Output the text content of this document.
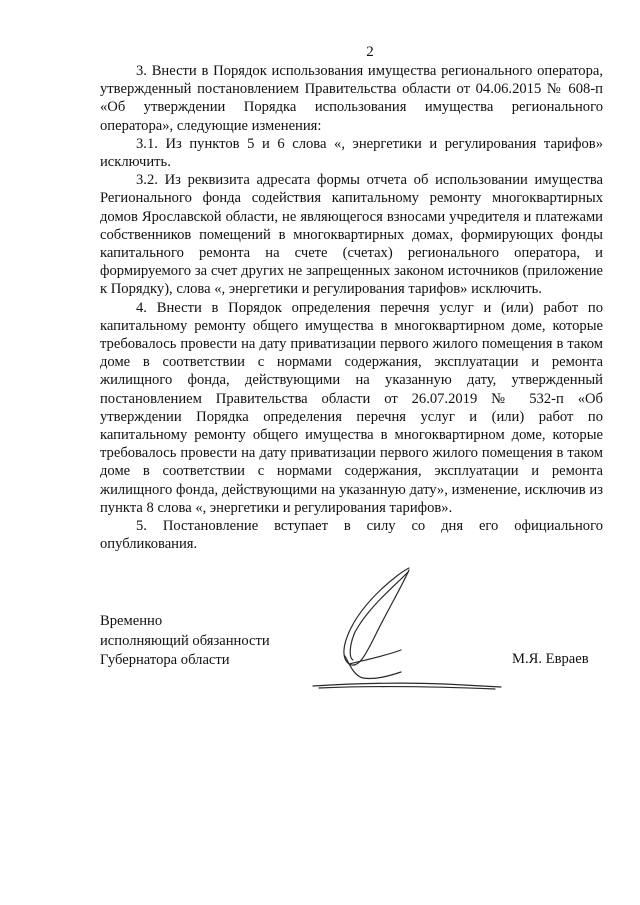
2

3. Внести в Порядок использования имущества регионального оператора, утвержденный постановлением Правительства области от 04.06.2015 № 608-п «Об утверждении Порядка использования имущества регионального оператора», следующие изменения:

3.1. Из пунктов 5 и 6 слова «, энергетики и регулирования тарифов» исключить.

3.2. Из реквизита адресата формы отчета об использовании имущества Регионального фонда содействия капитальному ремонту многоквартирных домов Ярославской области, не являющегося взносами учредителя и платежами собственников помещений в многоквартирных домах, формирующих фонды капитального ремонта на счете (счетах) регионального оператора, и формируемого за счет других не запрещенных законом источников (приложение к Порядку), слова «, энергетики и регулирования тарифов» исключить.

4. Внести в Порядок определения перечня услуг и (или) работ по капитальному ремонту общего имущества в многоквартирном доме, которые требовалось провести на дату приватизации первого жилого помещения в таком доме в соответствии с нормами содержания, эксплуатации и ремонта жилищного фонда, действующими на указанную дату, утвержденный постановлением Правительства области от 26.07.2019 № 532-п «Об утверждении Порядка определения перечня услуг и (или) работ по капитальному ремонту общего имущества в многоквартирном доме, которые требовалось провести на дату приватизации первого жилого помещения в таком доме в соответствии с нормами содержания, эксплуатации и ремонта жилищного фонда, действующими на указанную дату», изменение, исключив из пункта 8 слова «, энергетики и регулирования тарифов».

5. Постановление вступает в силу со дня его официального опубликования.

Временно
исполняющий обязанности
Губернатора области	М.Я. Евраев
